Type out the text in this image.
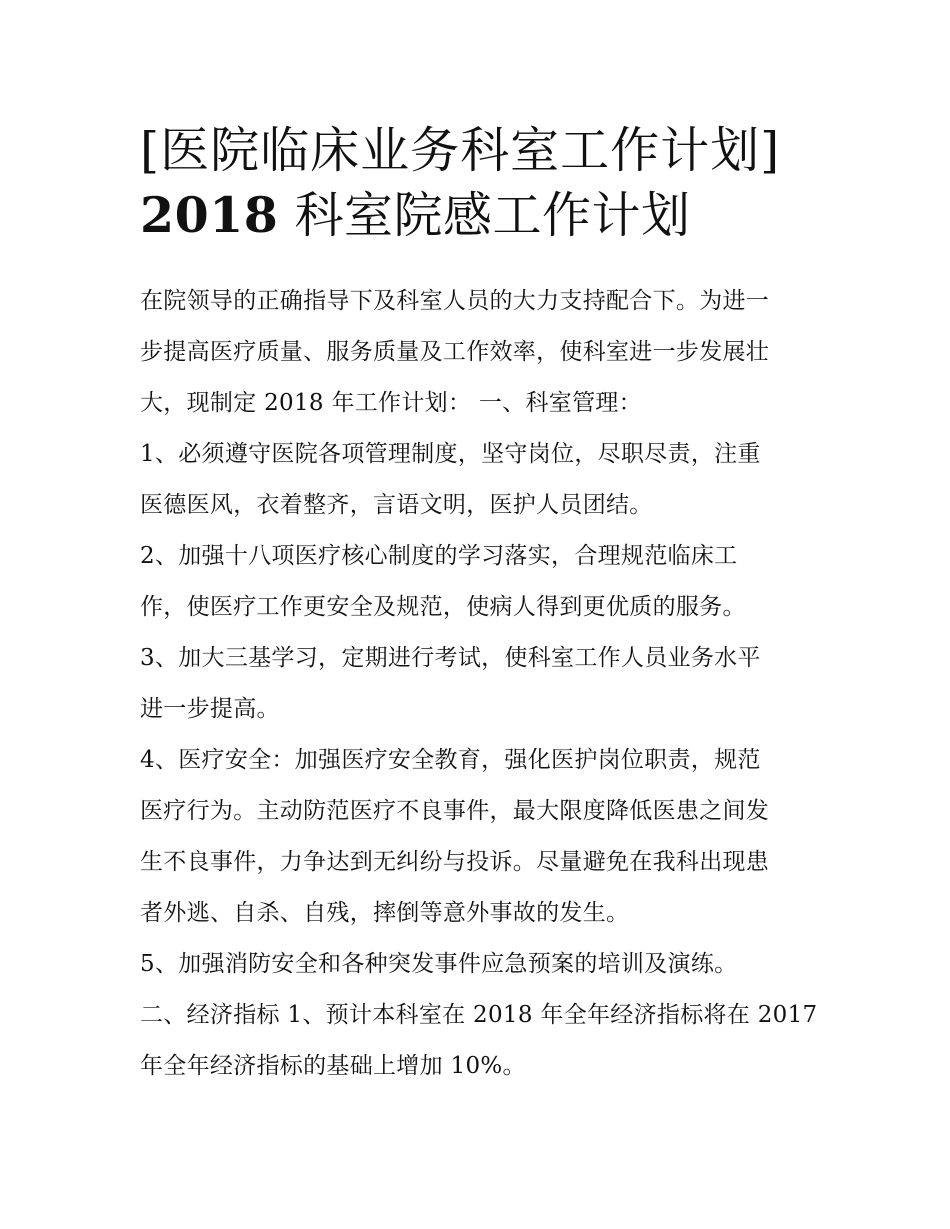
[医院临床业务科室工作计划]
2018 科室院感工作计划
在院领导的正确指导下及科室人员的大力支持配合下。为进一
步提高医疗质量、服务质量及工作效率，使科室进一步发展壮
大，现制定 2018 年工作计划： 一、科室管理：
1、必须遵守医院各项管理制度，坚守岗位，尽职尽责，注重
医德医风，衣着整齐，言语文明，医护人员团结。
2、加强十八项医疗核心制度的学习落实，合理规范临床工
作，使医疗工作更安全及规范，使病人得到更优质的服务。
3、加大三基学习，定期进行考试，使科室工作人员业务水平
进一步提高。
4、医疗安全：加强医疗安全教育，强化医护岗位职责，规范
医疗行为。主动防范医疗不良事件，最大限度降低医患之间发
生不良事件，力争达到无纠纷与投诉。尽量避免在我科出现患
者外逃、自杀、自残，摔倒等意外事故的发生。
5、加强消防安全和各种突发事件应急预案的培训及演练。
二、经济指标 1、预计本科室在 2018 年全年经济指标将在 2017
年全年经济指标的基础上增加 10%。
